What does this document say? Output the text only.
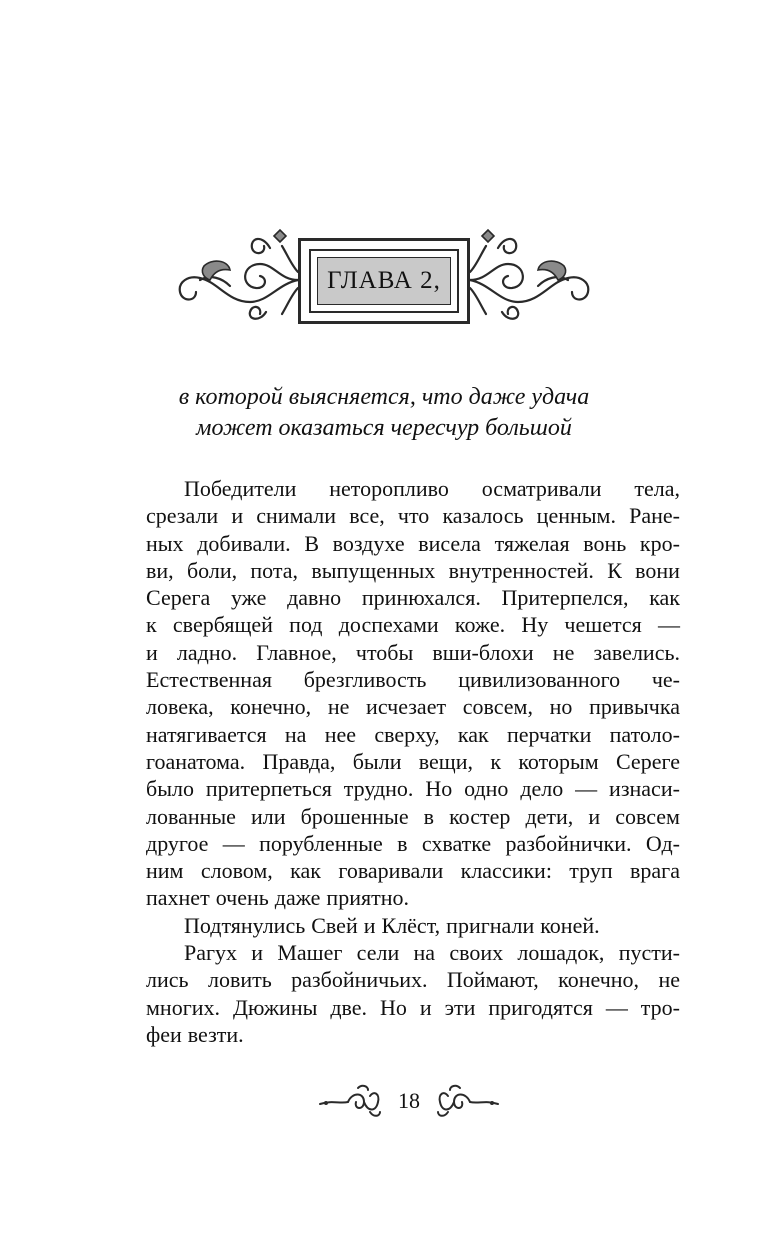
ГЛАВА 2,
в которой выясняется, что даже удача
может оказаться чересчур большой
Победители неторопливо осматривали тела,
срезали и снимали все, что казалось ценным. Ране-
ных добивали. В воздухе висела тяжелая вонь кро-
ви, боли, пота, выпущенных внутренностей. К вони
Серега уже давно принюхался. Притерпелся, как
к свербящей под доспехами коже. Ну чешется —
и ладно. Главное, чтобы вши-блохи не завелись.
Естественная брезгливость цивилизованного че-
ловека, конечно, не исчезает совсем, но привычка
натягивается на нее сверху, как перчатки патоло-
гоанатома. Правда, были вещи, к которым Сереге
было притерпеться трудно. Но одно дело — изнаси-
лованные или брошенные в костер дети, и совсем
другое — порубленные в схватке разбойнички. Од-
ним словом, как говаривали классики: труп врага
пахнет очень даже приятно.
Подтянулись Свей и Клёст, пригнали коней.
Рагух и Машег сели на своих лошадок, пусти-
лись ловить разбойничьих. Поймают, конечно, не
многих. Дюжины две. Но и эти пригодятся — тро-
феи везти.
18
